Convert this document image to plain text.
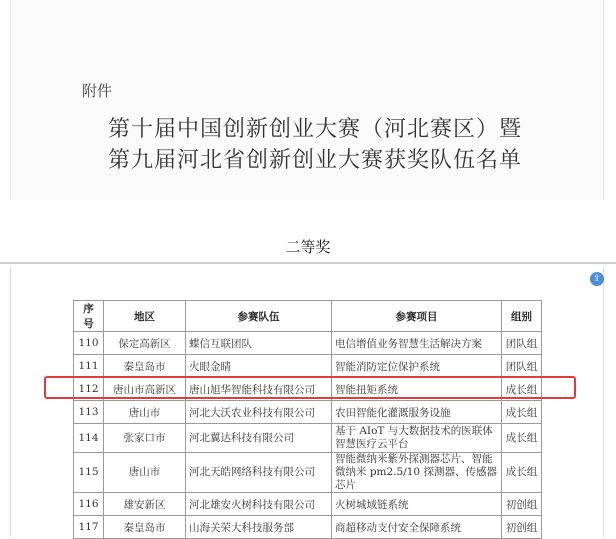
附件
第十届中国创新创业大赛（河北赛区）暨
第九届河北省创新创业大赛获奖队伍名单
二等奖
⇧
序
号	地区	参赛队伍	参赛项目	组别
110	保定高新区	蝶信互联团队	电信增值业务智慧生活解决方案	团队组
111	秦皇岛市	火眼金睛	智能消防定位保护系统	团队组
112	唐山市高新区	唐山旭华智能科技有限公司	智能扭矩系统	成长组
113	唐山市	河北大沃农业科技有限公司	农田智能化灌溉服务设施	成长组
114	张家口市	河北翼达科技有限公司	基于 AIoT 与大数据技术的医联体智慧医疗云平台	成长组
115	唐山市	河北天皓网络科技有限公司	智能微纳米紫外探测器芯片、智能微纳米 pm2.5/10 探测器、传感器芯片	成长组
116	雄安新区	河北雄安火树科技有限公司	火树城域链系统	初创组
117	秦皇岛市	山海关荣大科技服务部	商超移动支付安全保障系统	初创组
